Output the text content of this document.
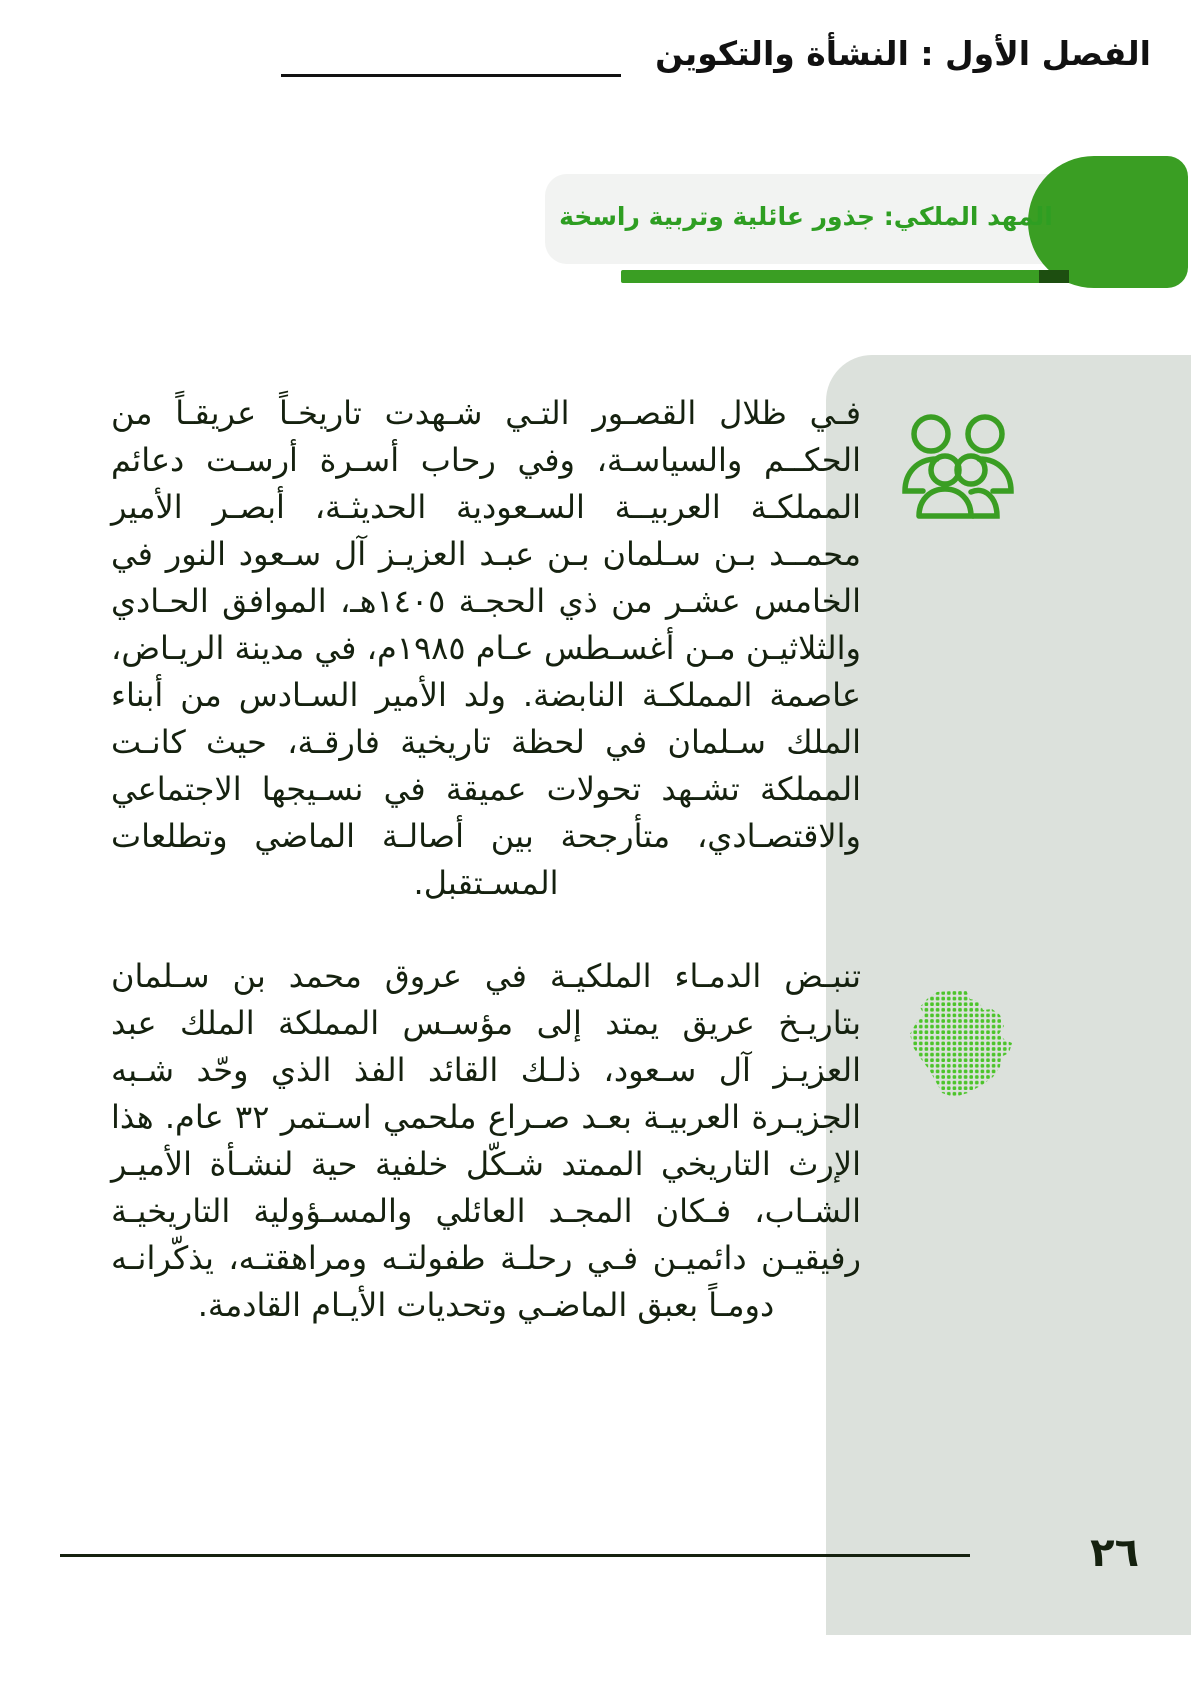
الفصل الأول : النشأة والتكوين
المهد الملكي: جذور عائلية وتربية راسخة

فـي ظلال القصـور التـي شـهدت تاريخـاً عريقـاً من الحكــم والسياسـة، وفي رحاب أسـرة أرسـت دعائم المملكـة العربيــة السـعودية الحديثـة، أبصـر الأمير محمــد بـن سـلمان بـن عبـد العزيـز آل سـعود النور في الخامس عشـر من ذي الحجـة ١٤٠٥هـ، الموافق الحـادي والثلاثيـن مـن أغسـطس عـام ١٩٨٥م، في مدينة الريـاض، عاصمة المملكـة النابضة. ولد الأمير السـادس من أبناء الملك سـلمان في لحظة تاريخية فارقـة، حيث كانـت المملكة تشـهد تحولات عميقة في نسـيجها الاجتماعي والاقتصـادي، متأرجحة بين أصالـة الماضي وتطلعات المسـتقبل.

تنبـض الدمـاء الملكيـة في عروق محمد بن سـلمان بتاريـخ عريق يمتد إلى مؤسـس المملكة الملك عبد العزيـز آل سـعود، ذلـك القائد الفذ الذي وحّد شـبه الجزيـرة العربيـة بعـد صـراع ملحمي اسـتمر ٣٢ عام. هذا الإرث التاريخي الممتد شـكّل خلفية حية لنشـأة الأميـر الشـاب، فـكان المجـد العائلي والمسـؤولية التاريخيـة رفيقيـن دائميـن فـي رحلـة طفولتـه ومراهقتـه، يذكّرانـه دومـاً بعبق الماضـي وتحديات الأيـام القادمة.

٢٦
